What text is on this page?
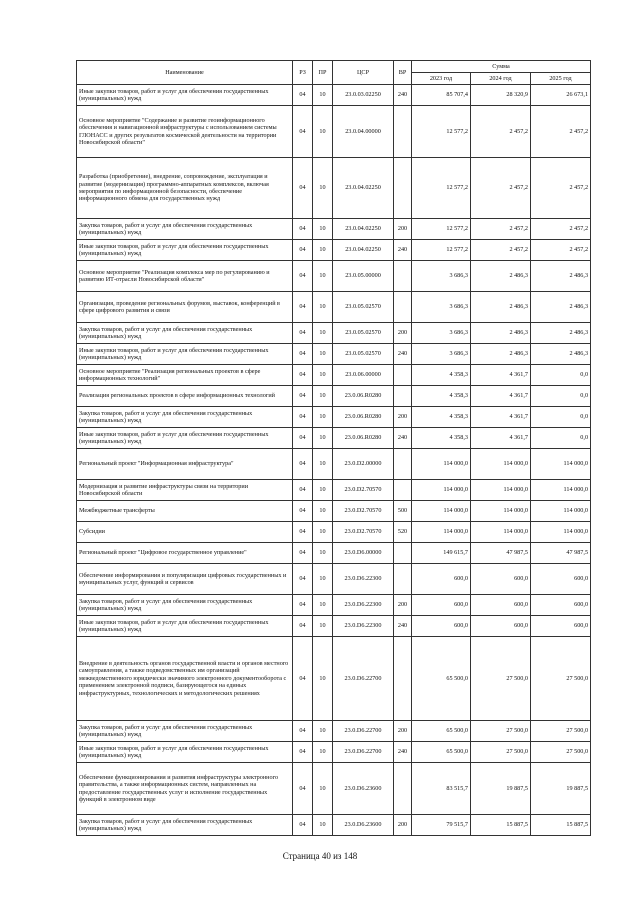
Наименование	РЗ	ПР	ЦСР	ВР	Сумма		
					2023 год	2024 год	2025 год
Иные закупки товаров, работ и услуг для обеспечения государственных (муниципальных) нужд	04	10	23.0.03.02250	240	85 707,4	28 320,9	26 673,1
Основное мероприятие "Содержание и развитие геоинформационного обеспечения и навигационной инфраструктуры с использованием системы ГЛОНАСС и других результатов космической деятельности на территории Новосибирской области"	04	10	23.0.04.00000		12 577,2	2 457,2	2 457,2
Разработка (приобретение), внедрение, сопровождение, эксплуатация и развитие (модернизация) программно-аппаратных комплексов, включая мероприятия по информационной безопасности, обеспечение информационного обмена для государственных нужд	04	10	23.0.04.02250		12 577,2	2 457,2	2 457,2
Закупка товаров, работ и услуг для обеспечения государственных (муниципальных) нужд	04	10	23.0.04.02250	200	12 577,2	2 457,2	2 457,2
Иные закупки товаров, работ и услуг для обеспечения государственных (муниципальных) нужд	04	10	23.0.04.02250	240	12 577,2	2 457,2	2 457,2
Основное мероприятие "Реализация комплекса мер по регулированию и развитию ИТ-отрасли Новосибирской области"	04	10	23.0.05.00000		3 686,3	2 486,3	2 486,3
Организация, проведение региональных форумов, выставок, конференций в сфере цифрового развития и связи	04	10	23.0.05.02570		3 686,3	2 486,3	2 486,3
Закупка товаров, работ и услуг для обеспечения государственных (муниципальных) нужд	04	10	23.0.05.02570	200	3 686,3	2 486,3	2 486,3
Иные закупки товаров, работ и услуг для обеспечения государственных (муниципальных) нужд	04	10	23.0.05.02570	240	3 686,3	2 486,3	2 486,3
Основное мероприятие "Реализация региональных проектов в сфере информационных технологий"	04	10	23.0.06.00000		4 358,3	4 361,7	0,0
Реализация региональных проектов в сфере информационных технологий	04	10	23.0.06.R0280		4 358,3	4 361,7	0,0
Закупка товаров, работ и услуг для обеспечения государственных (муниципальных) нужд	04	10	23.0.06.R0280	200	4 358,3	4 361,7	0,0
Иные закупки товаров, работ и услуг для обеспечения государственных (муниципальных) нужд	04	10	23.0.06.R0280	240	4 358,3	4 361,7	0,0
Региональный проект "Информационная инфраструктура"	04	10	23.0.D2.00000		114 000,0	114 000,0	114 000,0
Модернизация и развитие инфраструктуры связи на территории Новосибирской области	04	10	23.0.D2.70570		114 000,0	114 000,0	114 000,0
Межбюджетные трансферты	04	10	23.0.D2.70570	500	114 000,0	114 000,0	114 000,0
Субсидии	04	10	23.0.D2.70570	520	114 000,0	114 000,0	114 000,0
Региональный проект "Цифровое государственное управление"	04	10	23.0.D6.00000		149 615,7	47 987,5	47 987,5
Обеспечение информирования и популяризации цифровых государственных и муниципальных услуг, функций и сервисов	04	10	23.0.D6.22300		600,0	600,0	600,0
Закупка товаров, работ и услуг для обеспечения государственных (муниципальных) нужд	04	10	23.0.D6.22300	200	600,0	600,0	600,0
Иные закупки товаров, работ и услуг для обеспечения государственных (муниципальных) нужд	04	10	23.0.D6.22300	240	600,0	600,0	600,0
Внедрение в деятельность органов государственной власти и органов местного самоуправления, а также подведомственных им организаций межведомственного юридически значимого электронного документооборота с применением электронной подписи, базирующегося на единых инфраструктурных, технологических и методологических решениях	04	10	23.0.D6.22700		65 500,0	27 500,0	27 500,0
Закупка товаров, работ и услуг для обеспечения государственных (муниципальных) нужд	04	10	23.0.D6.22700	200	65 500,0	27 500,0	27 500,0
Иные закупки товаров, работ и услуг для обеспечения государственных (муниципальных) нужд	04	10	23.0.D6.22700	240	65 500,0	27 500,0	27 500,0
Обеспечение функционирования и развития инфраструктуры электронного правительства, а также информационных систем, направленных на предоставление государственных услуг и исполнение государственных функций в электронном виде	04	10	23.0.D6.23600		83 515,7	19 887,5	19 887,5
Закупка товаров, работ и услуг для обеспечения государственных (муниципальных) нужд	04	10	23.0.D6.23600	200	79 515,7	15 887,5	15 887,5
Страница 40 из 148
